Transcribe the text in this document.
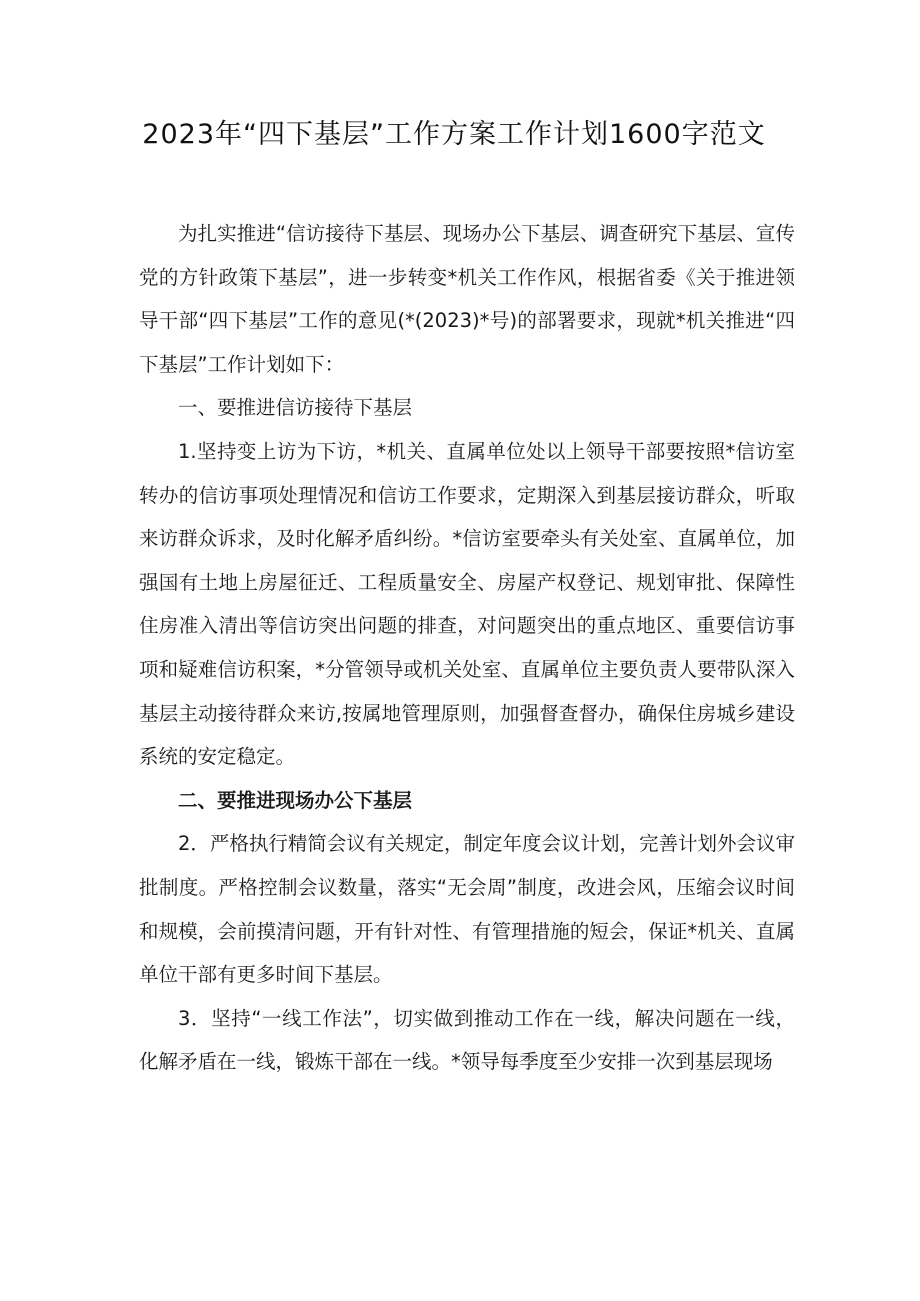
2023年“四下基层”工作方案工作计划1600字范文

为扎实推进“信访接待下基层、现场办公下基层、调查研究下基层、宣传党的方针政策下基层”，进一步转变*机关工作作风，根据省委《关于推进领导干部“四下基层”工作的意见(*(2023)*号)的部署要求，现就*机关推进“四下基层”工作计划如下：

一、要推进信访接待下基层

1.坚持变上访为下访，*机关、直属单位处以上领导干部要按照*信访室转办的信访事项处理情况和信访工作要求，定期深入到基层接访群众，听取来访群众诉求，及时化解矛盾纠纷。*信访室要牵头有关处室、直属单位，加强国有土地上房屋征迁、工程质量安全、房屋产权登记、规划审批、保障性住房准入清出等信访突出问题的排查，对问题突出的重点地区、重要信访事项和疑难信访积案，*分管领导或机关处室、直属单位主要负责人要带队深入基层主动接待群众来访,按属地管理原则，加强督查督办，确保住房城乡建设系统的安定稳定。

二、要推进现场办公下基层

2．严格执行精简会议有关规定，制定年度会议计划，完善计划外会议审批制度。严格控制会议数量，落实“无会周”制度，改进会风，压缩会议时间和规模，会前摸清问题，开有针对性、有管理措施的短会，保证*机关、直属单位干部有更多时间下基层。

3．坚持“一线工作法”，切实做到推动工作在一线，解决问题在一线，化解矛盾在一线，锻炼干部在一线。*领导每季度至少安排一次到基层现场
